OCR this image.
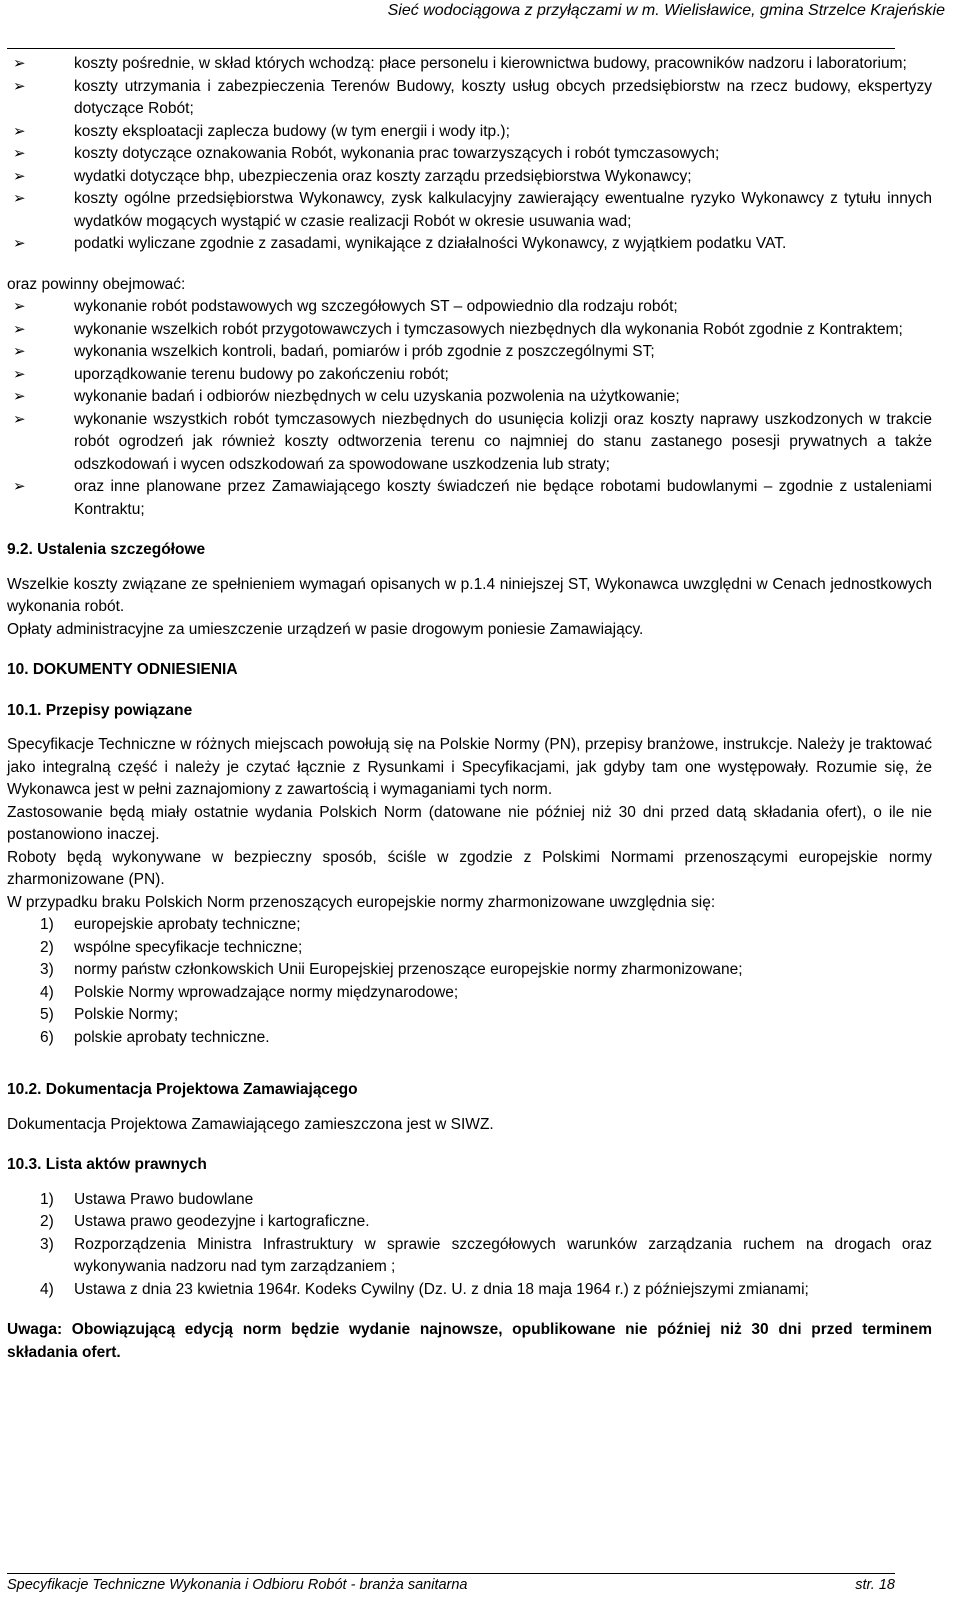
Sieć wodociągowa z przyłączami w m. Wielisławice, gmina Strzelce Krajeńskie
➢	koszty pośrednie, w skład których wchodzą: płace personelu i kierownictwa budowy, pracowników nadzoru i laboratorium;
➢	koszty utrzymania i zabezpieczenia Terenów Budowy, koszty usług obcych przedsiębiorstw na rzecz budowy, ekspertyzy dotyczące Robót;
➢	koszty eksploatacji zaplecza budowy (w tym energii i wody itp.);
➢	koszty dotyczące oznakowania Robót, wykonania prac towarzyszących i robót tymczasowych;
➢	wydatki dotyczące bhp, ubezpieczenia oraz koszty zarządu przedsiębiorstwa Wykonawcy;
➢	koszty ogólne przedsiębiorstwa Wykonawcy, zysk kalkulacyjny zawierający ewentualne ryzyko Wykonawcy z tytułu innych wydatków mogących wystąpić w czasie realizacji Robót w okresie usuwania wad;
➢	podatki wyliczane zgodnie z zasadami, wynikające z działalności Wykonawcy, z wyjątkiem podatku VAT.

oraz powinny obejmować:

➢	wykonanie robót podstawowych wg szczegółowych ST – odpowiednio dla rodzaju robót;
➢	wykonanie wszelkich robót przygotowawczych i tymczasowych niezbędnych dla wykonania Robót zgodnie z Kontraktem;
➢	wykonania wszelkich kontroli, badań, pomiarów i prób zgodnie z poszczególnymi ST;
➢	uporządkowanie terenu budowy po zakończeniu robót;
➢	wykonanie badań i odbiorów niezbędnych w celu uzyskania pozwolenia na użytkowanie;
➢	wykonanie wszystkich robót tymczasowych niezbędnych do usunięcia kolizji oraz koszty naprawy uszkodzonych w trakcie robót ogrodzeń jak również koszty odtworzenia terenu co najmniej do stanu zastanego posesji prywatnych a także odszkodowań i wycen odszkodowań za spowodowane uszkodzenia lub straty;
➢	oraz inne planowane przez Zamawiającego koszty świadczeń nie będące robotami budowlanymi – zgodnie z ustaleniami Kontraktu;
9.2. Ustalenia szczegółowe

Wszelkie koszty związane ze spełnieniem wymagań opisanych w p.1.4 niniejszej ST, Wykonawca uwzględni w Cenach jednostkowych wykonania robót.

Opłaty administracyjne za umieszczenie urządzeń w pasie drogowym poniesie Zamawiający.

10. DOKUMENTY ODNIESIENIA
10.1. Przepisy powiązane

Specyfikacje Techniczne w różnych miejscach powołują się na Polskie Normy (PN), przepisy branżowe, instrukcje. Należy je traktować jako integralną część i należy je czytać łącznie z Rysunkami i Specyfikacjami, jak gdyby tam one występowały. Rozumie się, że Wykonawca jest w pełni zaznajomiony z zawartością i wymaganiami tych norm.

Zastosowanie będą miały ostatnie wydania Polskich Norm (datowane nie później niż 30 dni przed datą składania ofert), o ile nie postanowiono inaczej.

Roboty będą wykonywane w bezpieczny sposób, ściśle w zgodzie z Polskimi Normami przenoszącymi europejskie normy zharmonizowane (PN).

W przypadku braku Polskich Norm przenoszących europejskie normy zharmonizowane uwzględnia się:

1) europejskie aprobaty techniczne;
2) wspólne specyfikacje techniczne;
3) normy państw członkowskich Unii Europejskiej przenoszące europejskie normy zharmonizowane;
4) Polskie Normy wprowadzające normy międzynarodowe;
5) Polskie Normy;
6) polskie aprobaty techniczne.
10.2. Dokumentacja Projektowa Zamawiającego

Dokumentacja Projektowa Zamawiającego zamieszczona jest w SIWZ.

10.3. Lista aktów prawnych
1) Ustawa Prawo budowlane
2) Ustawa prawo geodezyjne i kartograficzne.
3) Rozporządzenia Ministra Infrastruktury w sprawie szczegółowych warunków zarządzania ruchem na drogach oraz wykonywania nadzoru nad tym zarządzaniem ;
4) Ustawa z dnia 23 kwietnia 1964r. Kodeks Cywilny (Dz. U. z dnia 18 maja 1964 r.) z późniejszymi zmianami;

Uwaga: Obowiązującą edycją norm będzie wydanie najnowsze, opublikowane nie później niż 30 dni przed terminem składania ofert.

Specyfikacje Techniczne Wykonania i Odbioru Robót - branża sanitarna	str. 18
